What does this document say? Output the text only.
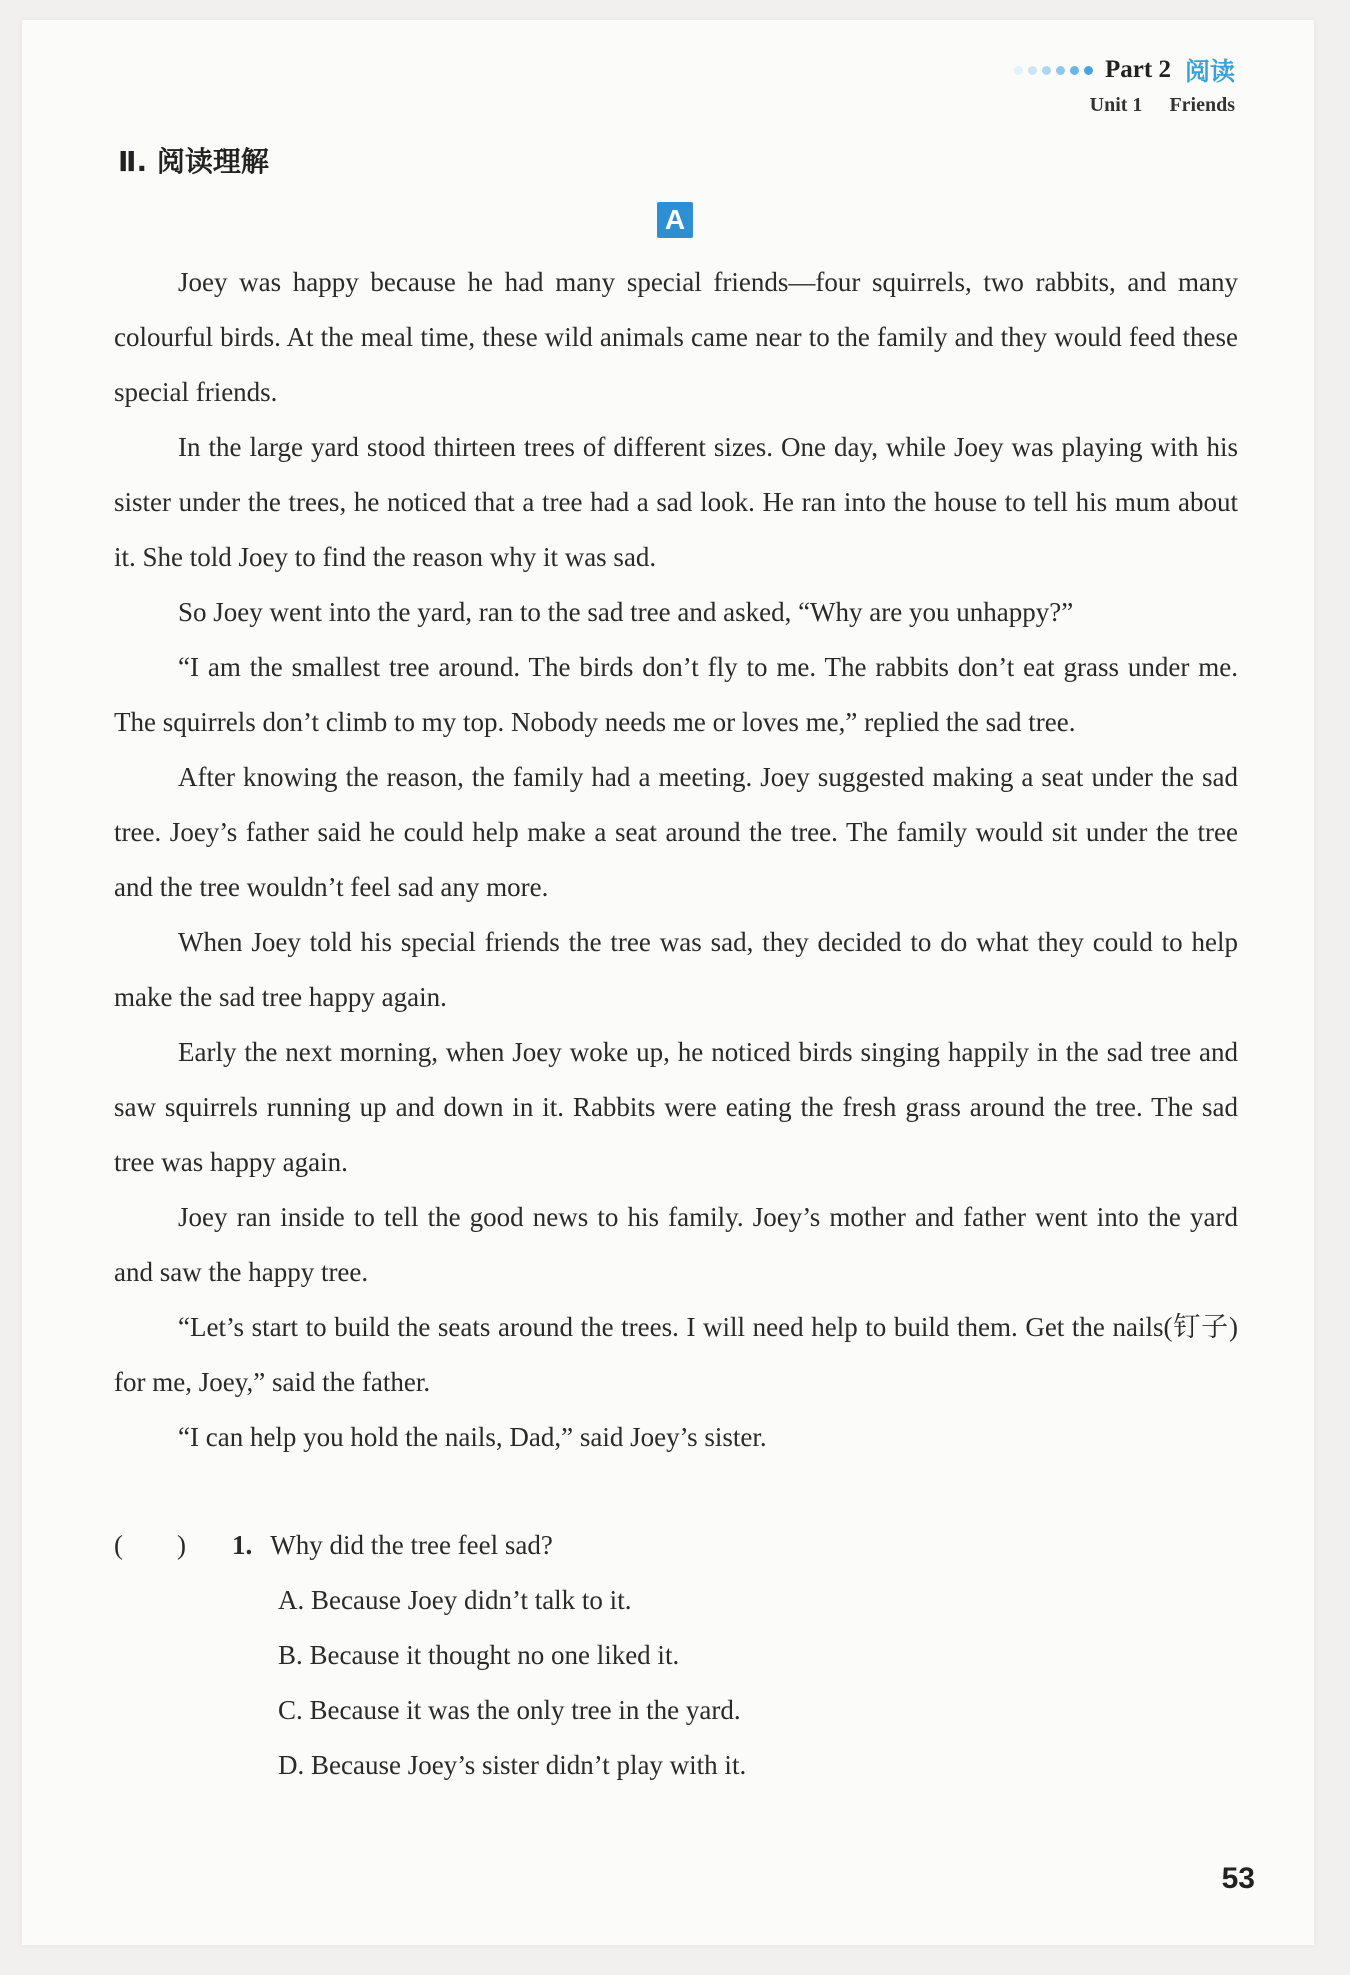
Part 2 阅读
Unit 1 Friends
Ⅱ. 阅读理解
A

Joey was happy because he had many special friends—four squirrels, two rabbits, and many colourful birds. At the meal time, these wild animals came near to the family and they would feed these special friends.

In the large yard stood thirteen trees of different sizes. One day, while Joey was playing with his sister under the trees, he noticed that a tree had a sad look. He ran into the house to tell his mum about it. She told Joey to find the reason why it was sad.

So Joey went into the yard, ran to the sad tree and asked, “Why are you unhappy?”

“I am the smallest tree around. The birds don’t fly to me. The rabbits don’t eat grass under me. The squirrels don’t climb to my top. Nobody needs me or loves me,” replied the sad tree.

After knowing the reason, the family had a meeting. Joey suggested making a seat under the sad tree. Joey’s father said he could help make a seat around the tree. The family would sit under the tree and the tree wouldn’t feel sad any more.

When Joey told his special friends the tree was sad, they decided to do what they could to help make the sad tree happy again.

Early the next morning, when Joey woke up, he noticed birds singing happily in the sad tree and saw squirrels running up and down in it. Rabbits were eating the fresh grass around the tree. The sad tree was happy again.

Joey ran inside to tell the good news to his family. Joey’s mother and father went into the yard and saw the happy tree.

“Let’s start to build the seats around the trees. I will need help to build them. Get the nails(钉子) for me, Joey,” said the father.

“I can help you hold the nails, Dad,” said Joey’s sister.

(        )	1. Why did the tree feel sad?
A. Because Joey didn’t talk to it.
B. Because it thought no one liked it.
C. Because it was the only tree in the yard.
D. Because Joey’s sister didn’t play with it.
53
